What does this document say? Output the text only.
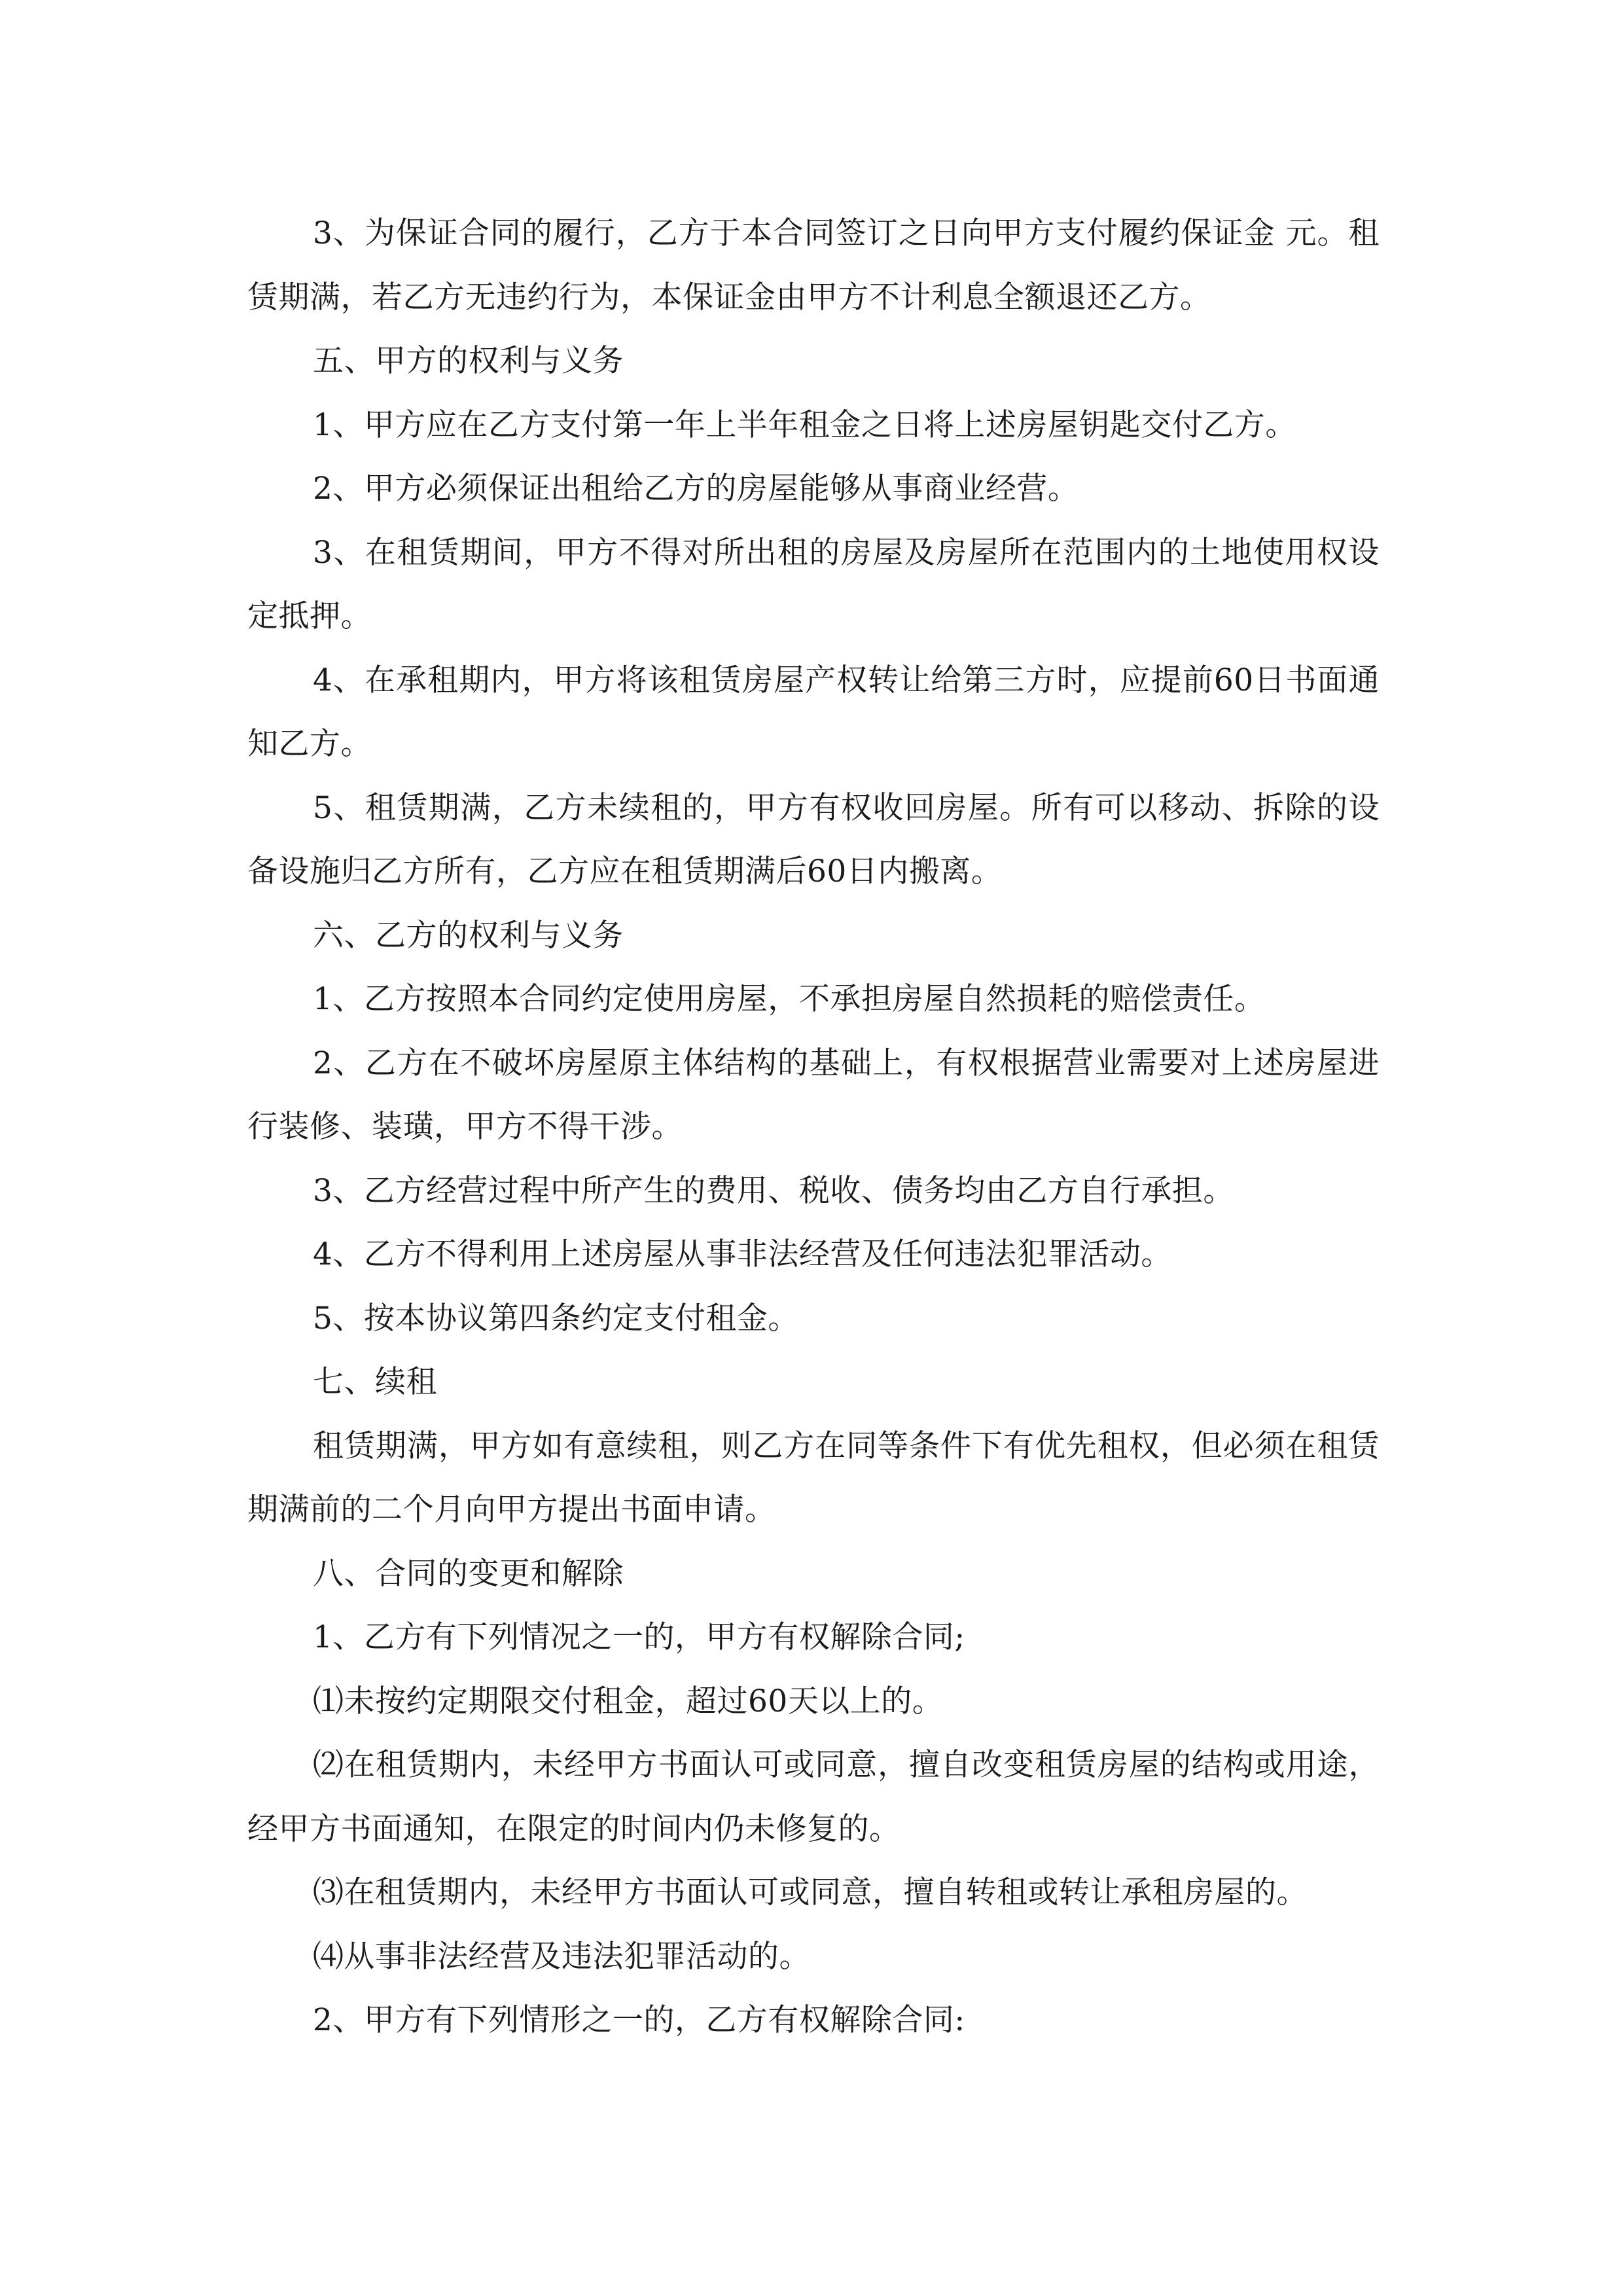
3、为保证合同的履行，乙方于本合同签订之日向甲方支付履约保证金 元。租赁期满，若乙方无违约行为，本保证金由甲方不计利息全额退还乙方。

五、甲方的权利与义务

1、甲方应在乙方支付第一年上半年租金之日将上述房屋钥匙交付乙方。

2、甲方必须保证出租给乙方的房屋能够从事商业经营。

3、在租赁期间，甲方不得对所出租的房屋及房屋所在范围内的土地使用权设定抵押。

4、在承租期内，甲方将该租赁房屋产权转让给第三方时，应提前60日书面通知乙方。

5、租赁期满，乙方未续租的，甲方有权收回房屋。所有可以移动、拆除的设备设施归乙方所有，乙方应在租赁期满后60日内搬离。

六、乙方的权利与义务

1、乙方按照本合同约定使用房屋，不承担房屋自然损耗的赔偿责任。

2、乙方在不破坏房屋原主体结构的基础上，有权根据营业需要对上述房屋进行装修、装璜，甲方不得干涉。

3、乙方经营过程中所产生的费用、税收、债务均由乙方自行承担。

4、乙方不得利用上述房屋从事非法经营及任何违法犯罪活动。

5、按本协议第四条约定支付租金。

七、续租

租赁期满，甲方如有意续租，则乙方在同等条件下有优先租权，但必须在租赁期满前的二个月向甲方提出书面申请。

八、合同的变更和解除

1、乙方有下列情况之一的，甲方有权解除合同;

⑴未按约定期限交付租金，超过60天以上的。

⑵在租赁期内，未经甲方书面认可或同意，擅自改变租赁房屋的结构或用途，经甲方书面通知，在限定的时间内仍未修复的。

⑶在租赁期内，未经甲方书面认可或同意，擅自转租或转让承租房屋的。

⑷从事非法经营及违法犯罪活动的。

2、甲方有下列情形之一的，乙方有权解除合同:
